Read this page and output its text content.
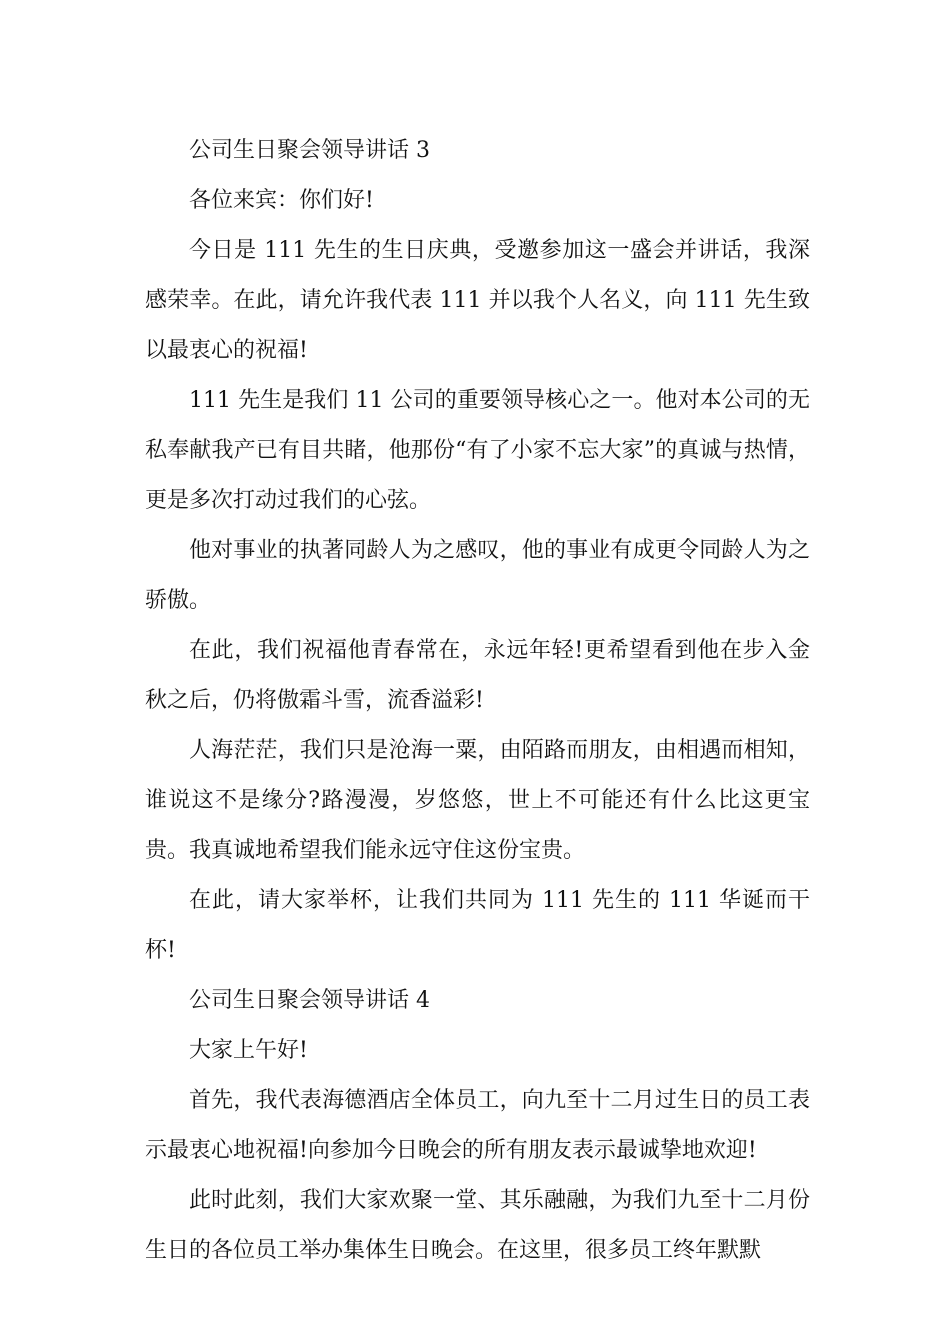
公司生日聚会领导讲话 3

各位来宾：你们好!

今日是 111 先生的生日庆典，受邀参加这一盛会并讲话，我深感荣幸。在此，请允许我代表 111 并以我个人名义，向 111 先生致以最衷心的祝福!

111 先生是我们 11 公司的重要领导核心之一。他对本公司的无私奉献我产已有目共睹，他那份“有了小家不忘大家”的真诚与热情，更是多次打动过我们的心弦。

他对事业的执著同龄人为之感叹，他的事业有成更令同龄人为之骄傲。

在此，我们祝福他青春常在，永远年轻!更希望看到他在步入金秋之后，仍将傲霜斗雪，流香溢彩!

人海茫茫，我们只是沧海一粟，由陌路而朋友，由相遇而相知，谁说这不是缘分?路漫漫，岁悠悠，世上不可能还有什么比这更宝贵。我真诚地希望我们能永远守住这份宝贵。

在此，请大家举杯，让我们共同为 111 先生的 111 华诞而干杯!

公司生日聚会领导讲话 4

大家上午好!

首先，我代表海德酒店全体员工，向九至十二月过生日的员工表示最衷心地祝福!向参加今日晚会的所有朋友表示最诚挚地欢迎!

此时此刻，我们大家欢聚一堂、其乐融融，为我们九至十二月份生日的各位员工举办集体生日晚会。在这里，很多员工终年默默
